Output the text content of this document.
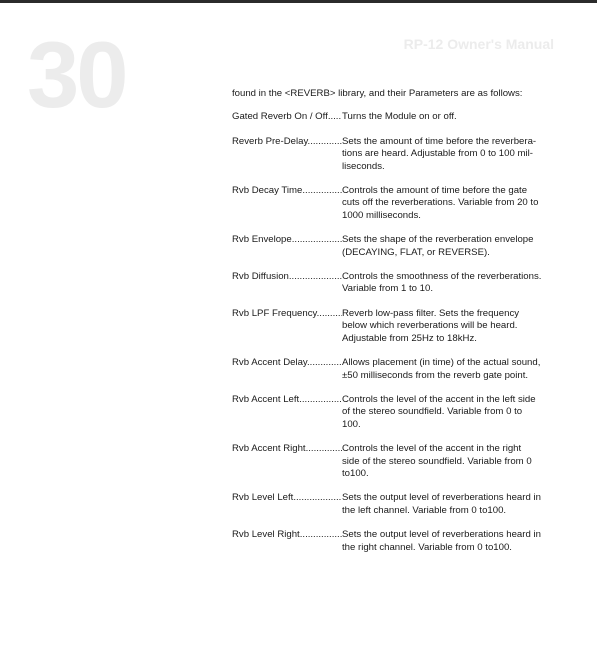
30	RP-12 Owner's Manual

found in the <REVERB> library, and their Parameters are as follows:

Gated Reverb On / Off .....	Turns the Module on or off.
Reverb Pre-Delay .....	Sets the amount of time before the reverbera-
tions are heard. Adjustable from 0 to 100 mil-
liseconds.
Rvb Decay Time .....	Controls the amount of time before the gate
cuts off the reverberations. Variable from 20 to
1000 milliseconds.
Rvb Envelope .....	Sets the shape of the reverberation envelope
(DECAYING, FLAT, or REVERSE).
Rvb Diffusion .....	Controls the smoothness of the reverberations.
Variable from 1 to 10.
Rvb LPF Frequency .....	Reverb low-pass filter. Sets the frequency
below which reverberations will be heard.
Adjustable from 25Hz to 18kHz.
Rvb Accent Delay .....	Allows placement (in time) of the actual sound,
±50 milliseconds from the reverb gate point.
Rvb Accent Left .....	Controls the level of the accent in the left side
of the stereo soundfield. Variable from 0 to
100.
Rvb Accent Right .....	Controls the level of the accent in the right
side of the stereo soundfield. Variable from 0
to100.
Rvb Level Left .....	Sets the output level of reverberations heard in
the left channel. Variable from 0 to100.
Rvb Level Right .....	Sets the output level of reverberations heard in
the right channel. Variable from 0 to100.
